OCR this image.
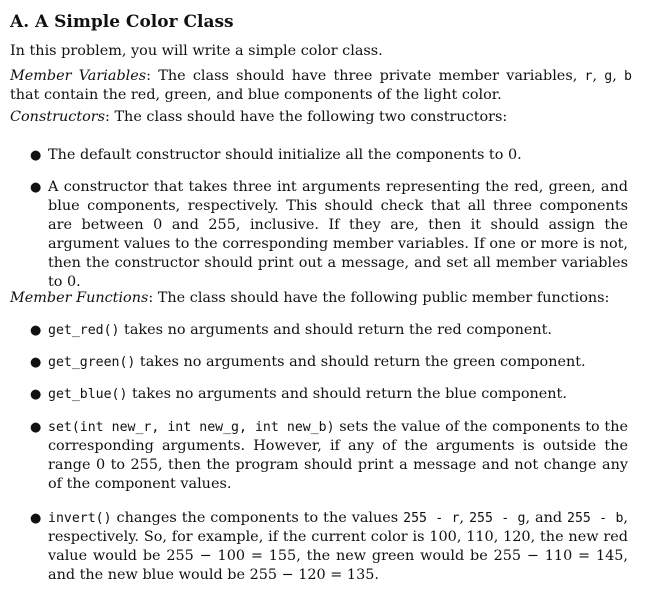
A. A Simple Color Class

In this problem, you will write a simple color class.

Member Variables: The class should have three private member variables, r, g, b that contain the red, green, and blue components of the light color.

Constructors: The class should have the following two constructors:

● The default constructor should initialize all the components to 0.
● A constructor that takes three int arguments representing the red, green, and blue components, respectively. This should check that all three components are between 0 and 255, inclusive. If they are, then it should assign the argument values to the corresponding member variables. If one or more is not, then the constructor should print out a message, and set all member variables to 0.

Member Functions: The class should have the following public member functions:

● get_red() takes no arguments and should return the red component.
● get_green() takes no arguments and should return the green component.
● get_blue() takes no arguments and should return the blue component.
● set(int new_r, int new_g, int new_b) sets the value of the components to the corresponding arguments. However, if any of the arguments is outside the range 0 to 255, then the program should print a message and not change any of the component values.
● invert() changes the components to the values 255 - r, 255 - g, and 255 - b, respectively. So, for example, if the current color is 100, 110, 120, the new red value would be 255 − 100 = 155, the new green would be 255 − 110 = 145, and the new blue would be 255 − 120 = 135.
